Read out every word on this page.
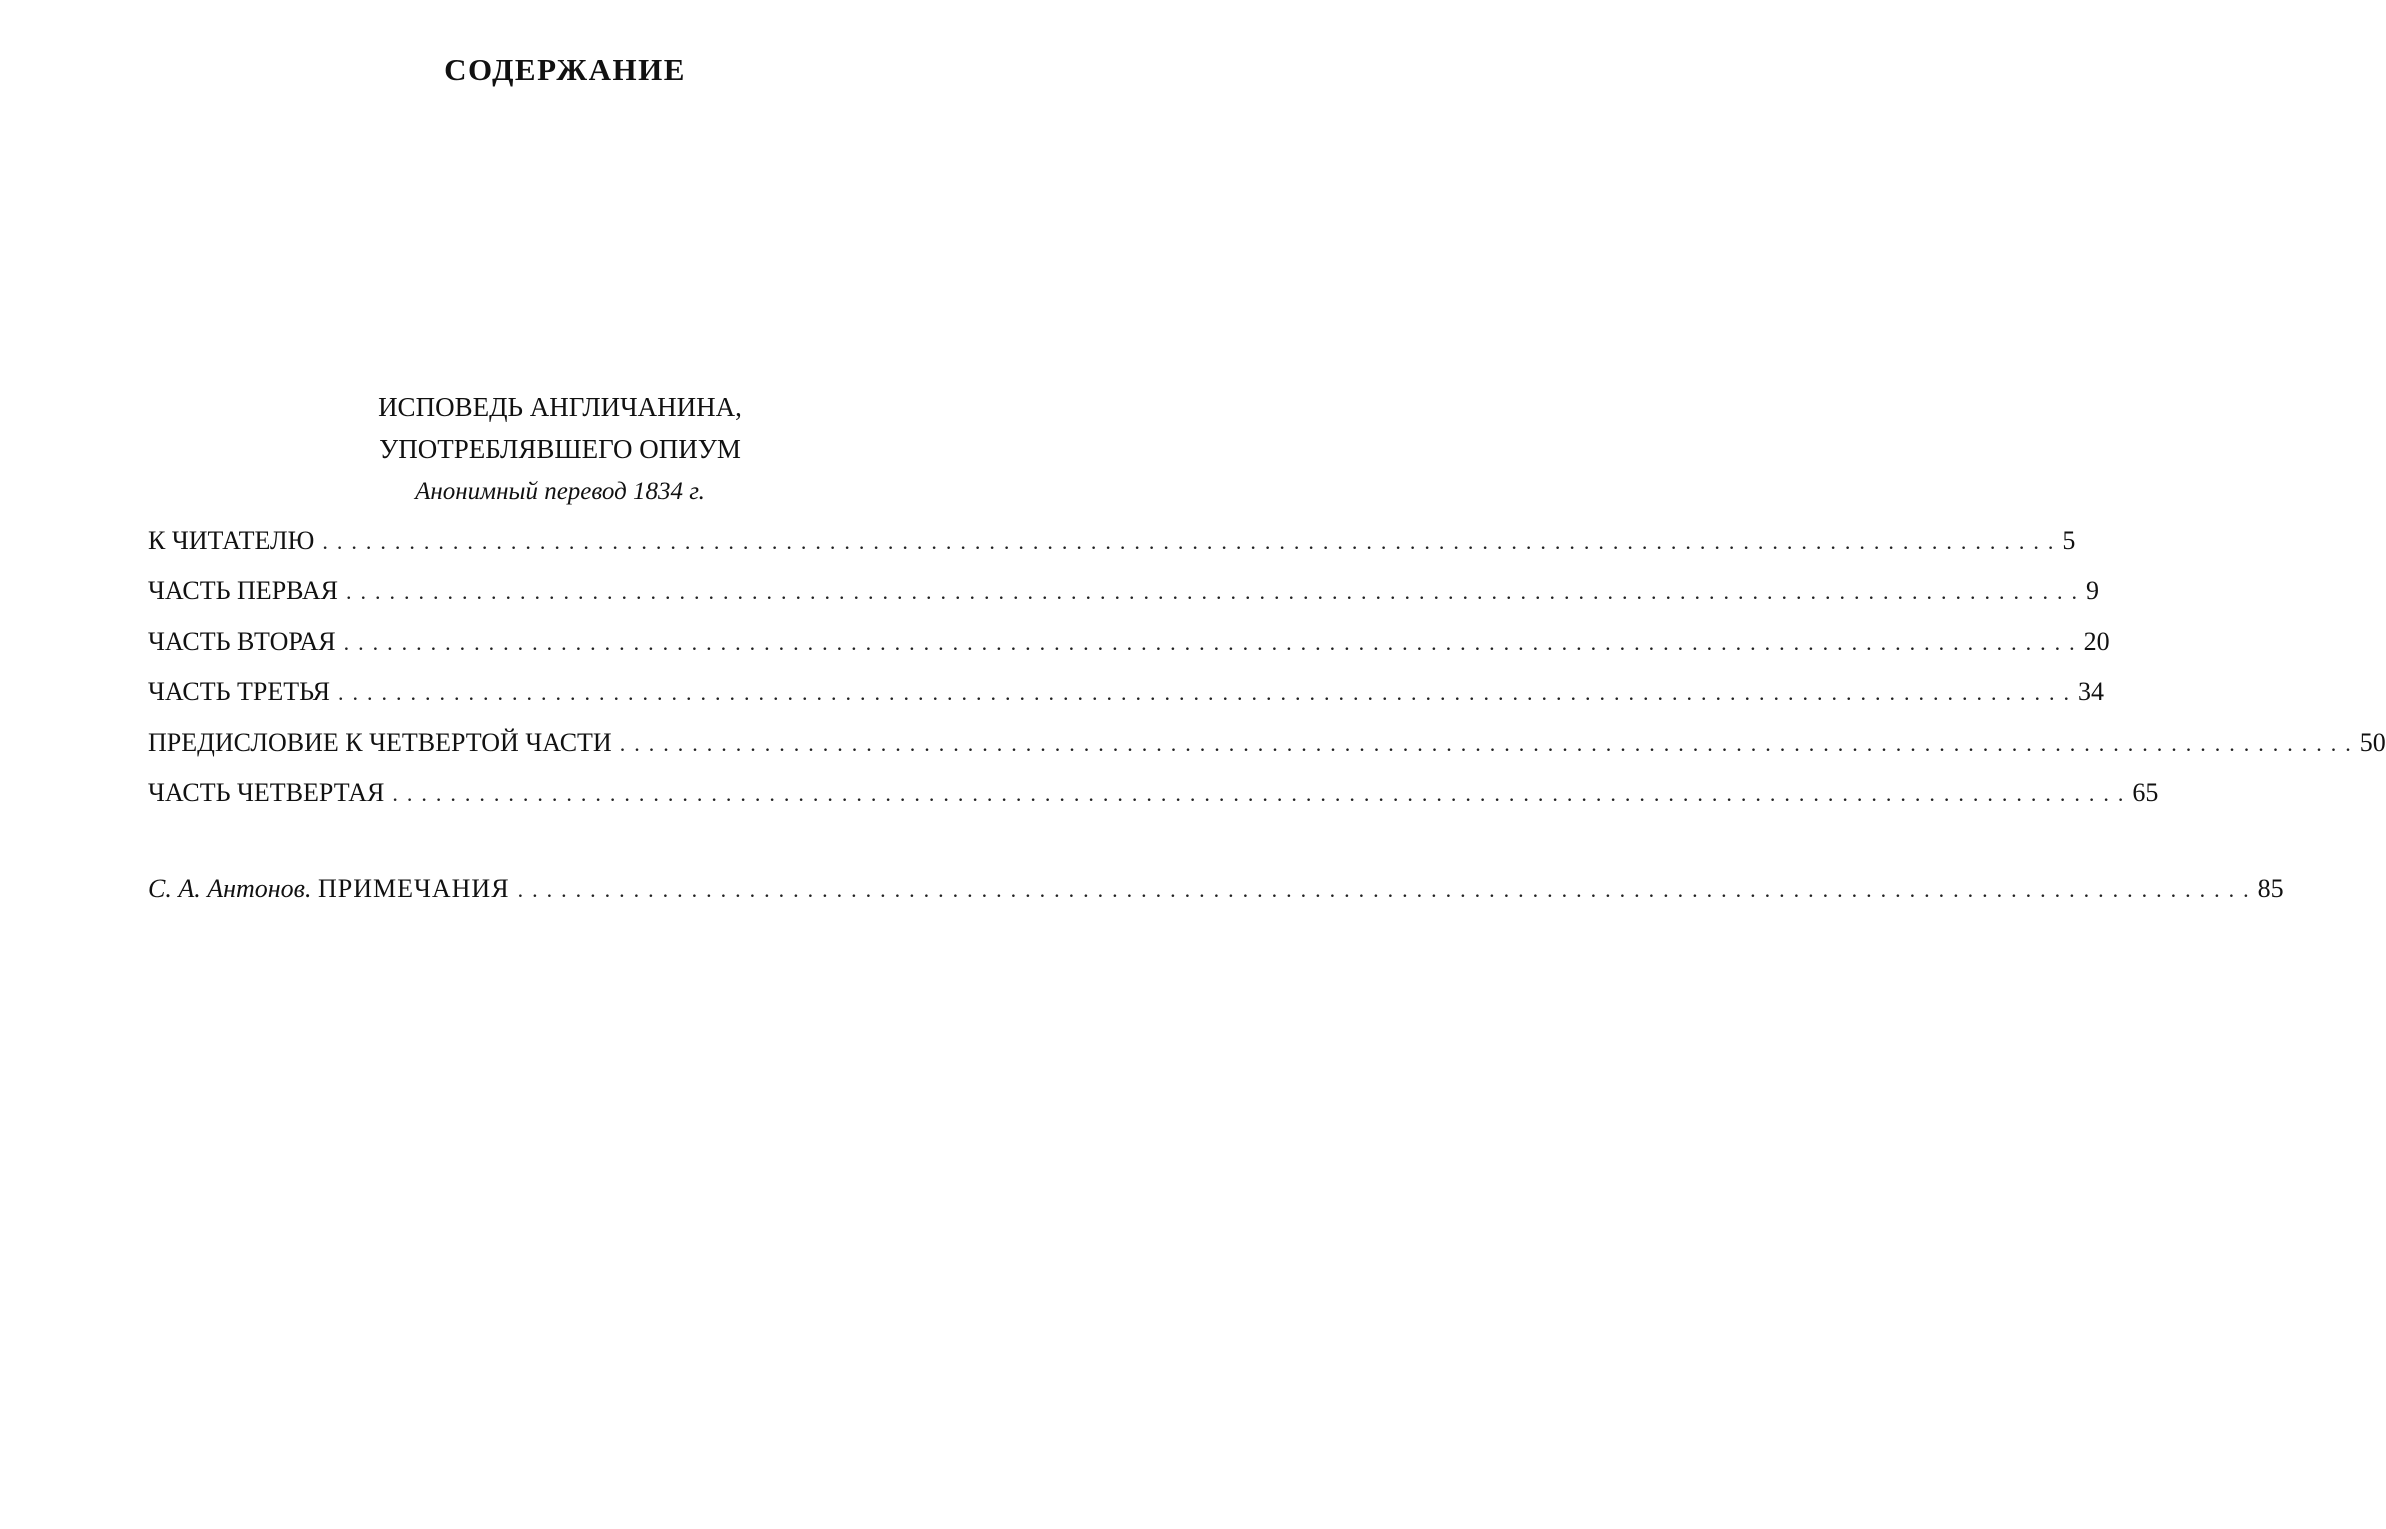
СОДЕРЖАНИЕ
ИСПОВЕДЬ АНГЛИЧАНИНА,
УПОТРЕБЛЯВШЕГО ОПИУМ
Анонимный перевод 1834 г.
К ЧИТАТЕЛЮ ........................................................................................................................ 5
ЧАСТЬ ПЕРВАЯ ........................................................................................................................ 9
ЧАСТЬ ВТОРАЯ ........................................................................................................................ 20
ЧАСТЬ ТРЕТЬЯ ........................................................................................................................ 34
ПРЕДИСЛОВИЕ К ЧЕТВЕРТОЙ ЧАСТИ ........................................................................................................................ 50
ЧАСТЬ ЧЕТВЕРТАЯ ........................................................................................................................ 65
С. А. Антонов. ПРИМЕЧАНИЯ ........................................................................................................................ 85
